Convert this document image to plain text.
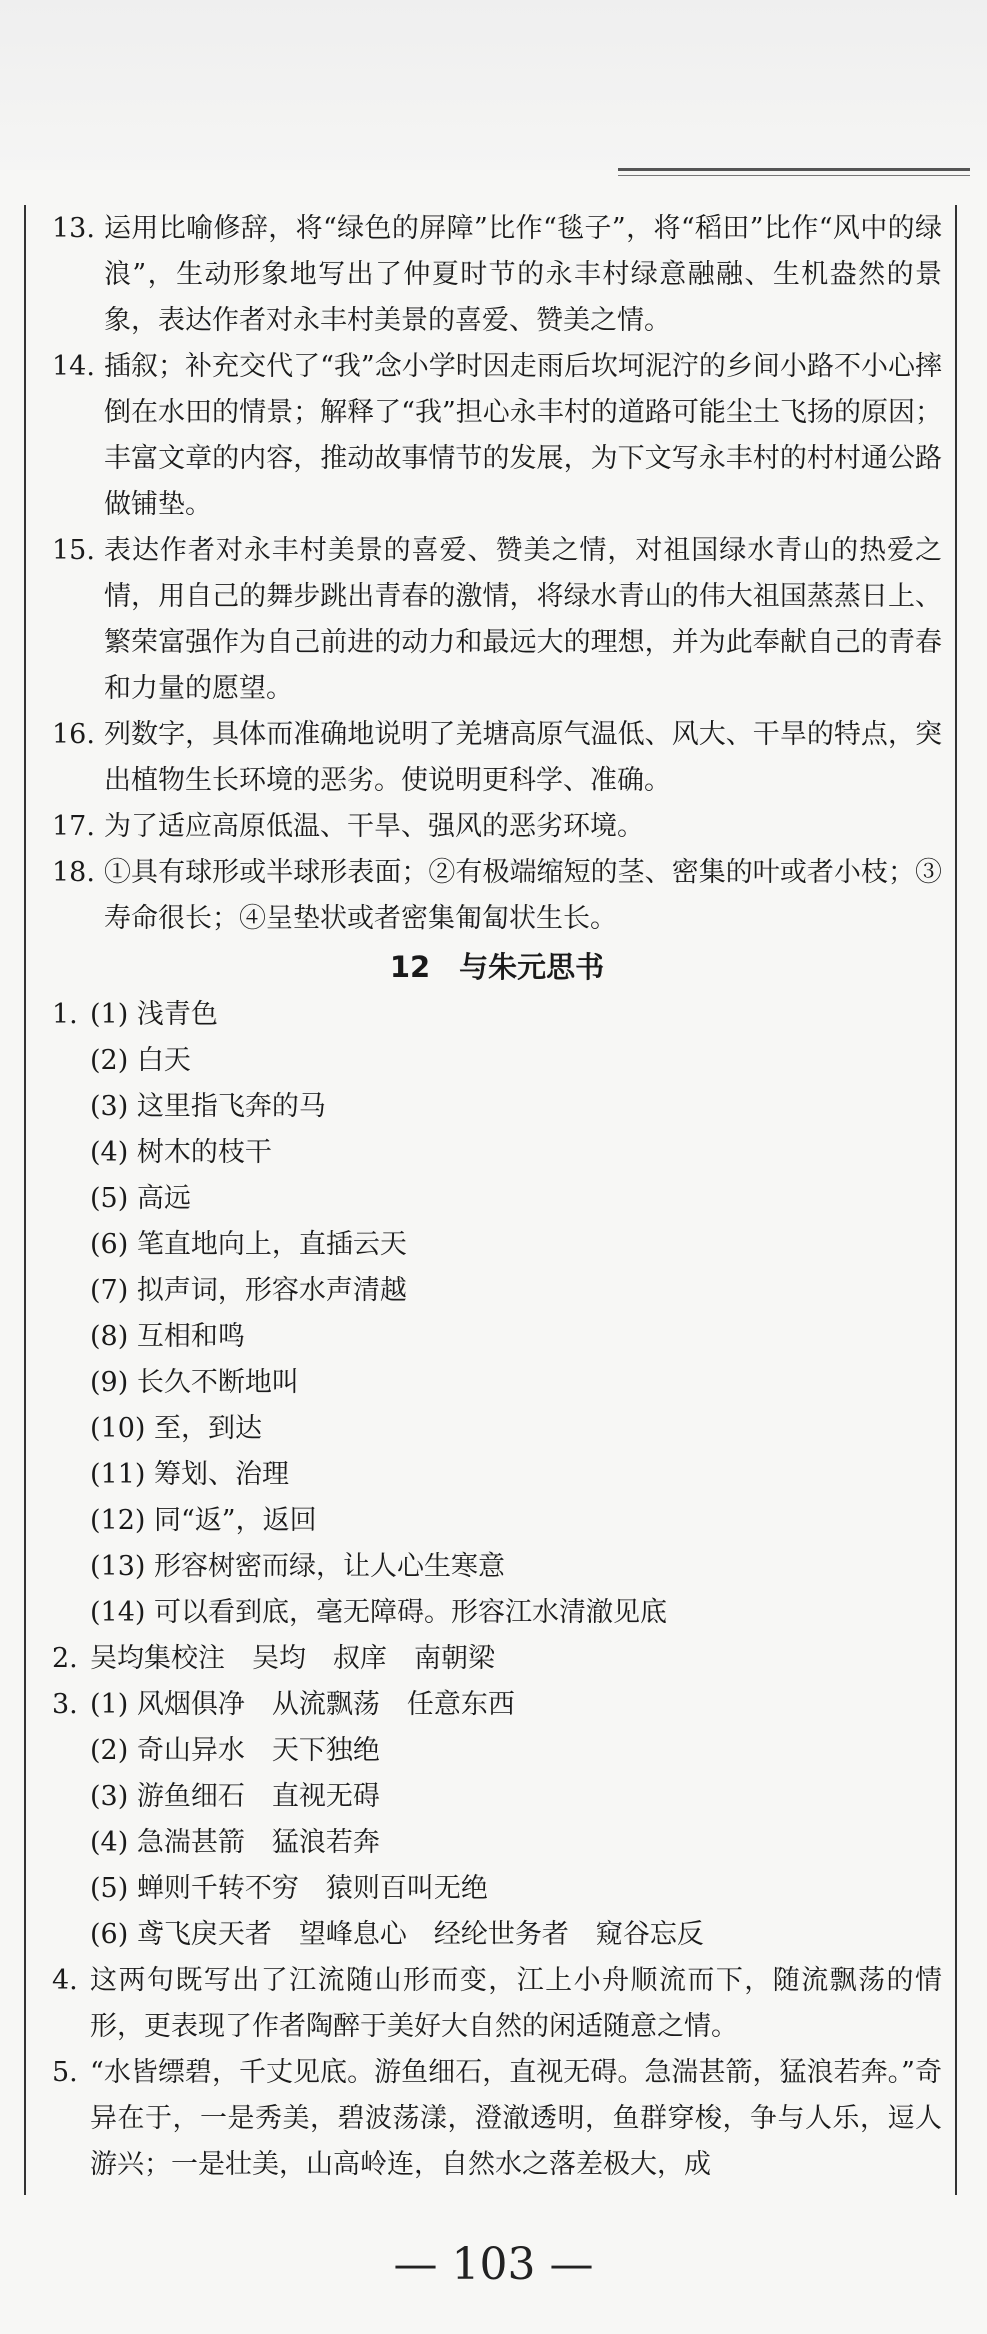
13. 运用比喻修辞，将“绿色的屏障”比作“毯子”，将“稻田”比作“风中的绿浪”，生动形象地写出了仲夏时节的永丰村绿意融融、生机盎然的景象，表达作者对永丰村美景的喜爱、赞美之情。
14. 插叙；补充交代了“我”念小学时因走雨后坎坷泥泞的乡间小路不小心摔倒在水田的情景；解释了“我”担心永丰村的道路可能尘土飞扬的原因；丰富文章的内容，推动故事情节的发展，为下文写永丰村的村村通公路做铺垫。
15. 表达作者对永丰村美景的喜爱、赞美之情，对祖国绿水青山的热爱之情，用自己的舞步跳出青春的激情，将绿水青山的伟大祖国蒸蒸日上、繁荣富强作为自己前进的动力和最远大的理想，并为此奉献自己的青春和力量的愿望。
16. 列数字，具体而准确地说明了羌塘高原气温低、风大、干旱的特点，突出植物生长环境的恶劣。使说明更科学、准确。
17. 为了适应高原低温、干旱、强风的恶劣环境。
18. ①具有球形或半球形表面；②有极端缩短的茎、密集的叶或者小枝；③寿命很长；④呈垫状或者密集匍匐状生长。
12　与朱元思书
1. (1) 浅青色
(2) 白天
(3) 这里指飞奔的马
(4) 树木的枝干
(5) 高远
(6) 笔直地向上，直插云天
(7) 拟声词，形容水声清越
(8) 互相和鸣
(9) 长久不断地叫
(10) 至，到达
(11) 筹划、治理
(12) 同“返”，返回
(13) 形容树密而绿，让人心生寒意
(14) 可以看到底，毫无障碍。形容江水清澈见底
2. 吴均集校注　吴均　叔庠　南朝梁
3. (1) 风烟俱净　从流飘荡　任意东西
(2) 奇山异水　天下独绝
(3) 游鱼细石　直视无碍
(4) 急湍甚箭　猛浪若奔
(5) 蝉则千转不穷　猿则百叫无绝
(6) 鸢飞戾天者　望峰息心　经纶世务者　窥谷忘反
4. 这两句既写出了江流随山形而变，江上小舟顺流而下，随流飘荡的情形，更表现了作者陶醉于美好大自然的闲适随意之情。
5. “水皆缥碧，千丈见底。游鱼细石，直视无碍。急湍甚箭，猛浪若奔。”奇异在于，一是秀美，碧波荡漾，澄澈透明，鱼群穿梭，争与人乐，逗人游兴；一是壮美，山高岭连，自然水之落差极大，成
— 103 —
